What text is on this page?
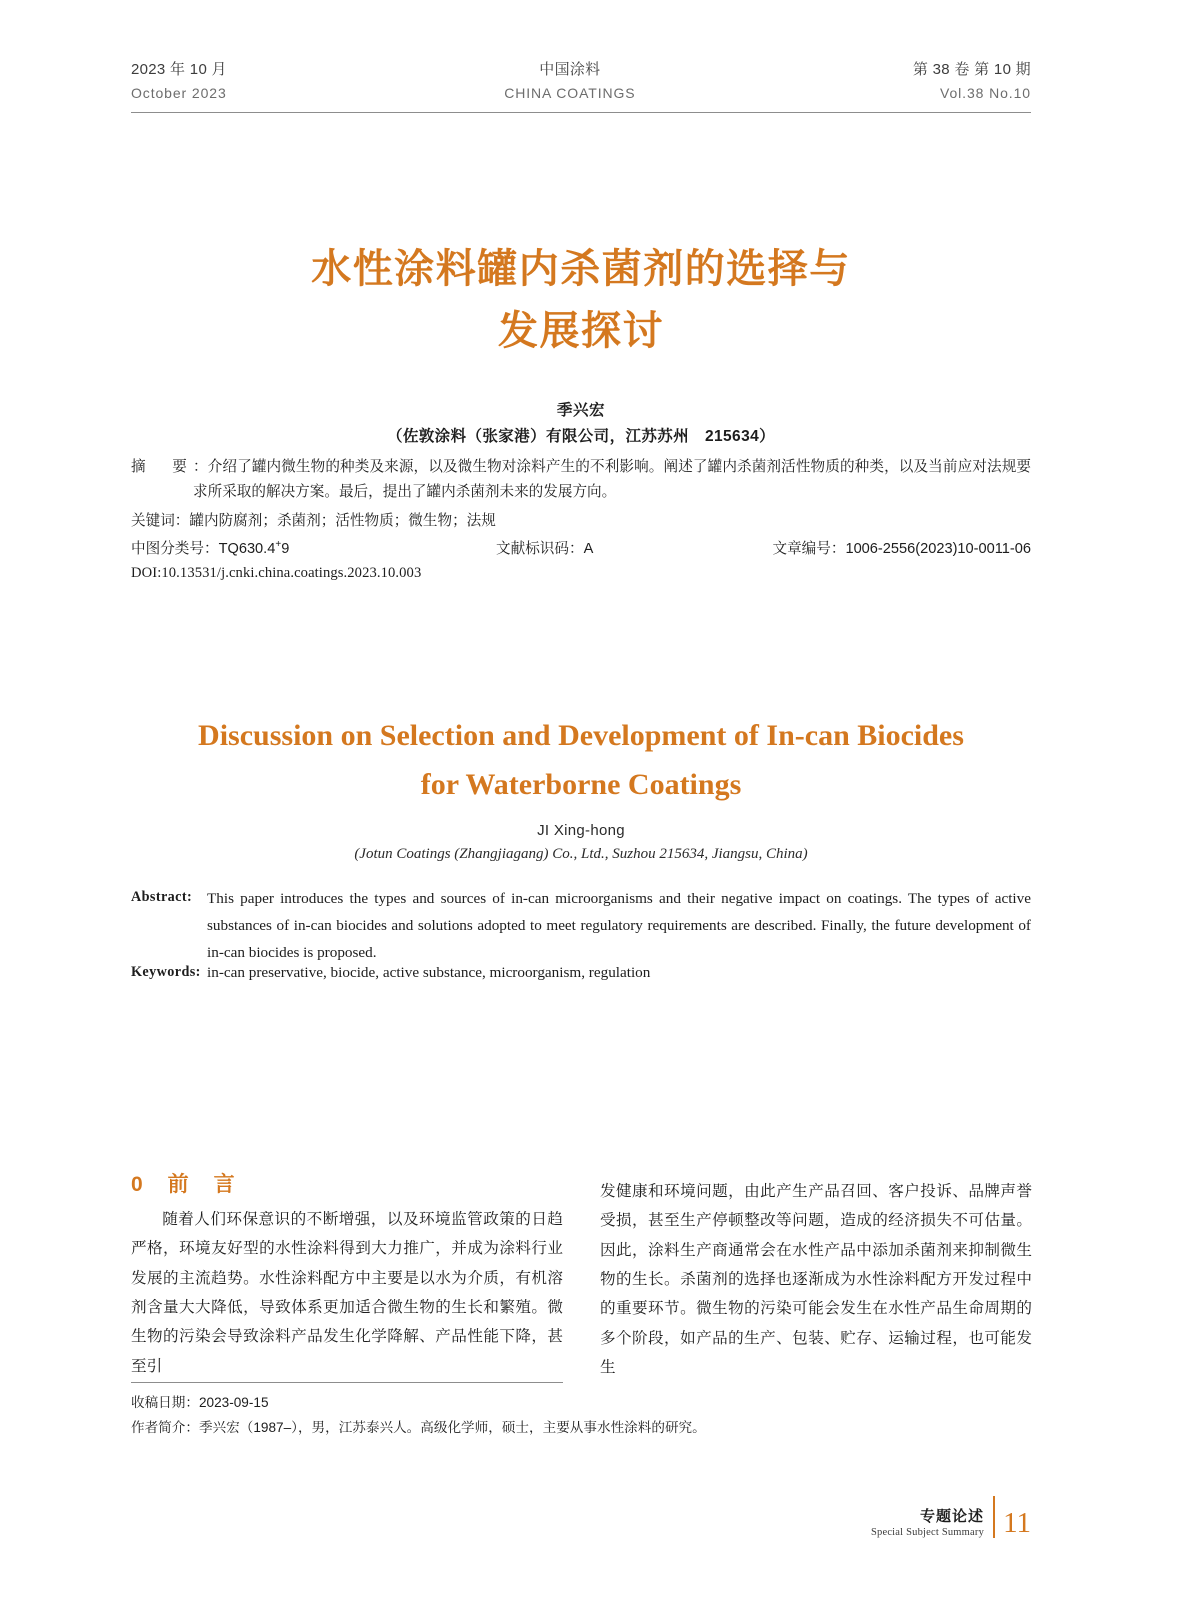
2023 年 10 月
October 2023
中国涂料
CHINA COATINGS
第 38 卷 第 10 期
Vol.38 No.10
水性涂料罐内杀菌剂的选择与
发展探讨
季兴宏
（佐敦涂料（张家港）有限公司，江苏苏州　215634）
摘　要 ：介绍了罐内微生物的种类及来源，以及微生物对涂料产生的不利影响。阐述了罐内杀菌剂活性物质的种类，以及当前应对法规要求所采取的解决方案。最后，提出了罐内杀菌剂未来的发展方向。
关键词：罐内防腐剂；杀菌剂；活性物质；微生物；法规
中图分类号：TQ630.4+9	文献标识码：A	文章编号：1006-2556(2023)10-0011-06
DOI:10.13531/j.cnki.china.coatings.2023.10.003
Discussion on Selection and Development of In-can Biocides
for Waterborne Coatings
JI Xing-hong
(Jotun Coatings (Zhangjiagang) Co., Ltd., Suzhou 215634, Jiangsu, China)
Abstract: This paper introduces the types and sources of in-can microorganisms and their negative impact on coatings. The types of active substances of in-can biocides and solutions adopted to meet regulatory requirements are described. Finally, the future development of in-can biocides is proposed.
Keywords: in-can preservative, biocide, active substance, microorganism, regulation
0　前　言

随着人们环保意识的不断增强，以及环境监管政策的日趋严格，环境友好型的水性涂料得到大力推广，并成为涂料行业发展的主流趋势。水性涂料配方中主要是以水为介质，有机溶剂含量大大降低，导致体系更加适合微生物的生长和繁殖。微生物的污染会导致涂料产品发生化学降解、产品性能下降，甚至引

发健康和环境问题，由此产生产品召回、客户投诉、品牌声誉受损，甚至生产停顿整改等问题，造成的经济损失不可估量。因此，涂料生产商通常会在水性产品中添加杀菌剂来抑制微生物的生长。杀菌剂的选择也逐渐成为水性涂料配方开发过程中的重要环节。微生物的污染可能会发生在水性产品生命周期的多个阶段，如产品的生产、包装、贮存、运输过程，也可能发生

收稿日期：2023-09-15
作者简介：季兴宏（1987–），男，江苏泰兴人。高级化学师，硕士，主要从事水性涂料的研究。
专题论述
Special Subject Summary 11
